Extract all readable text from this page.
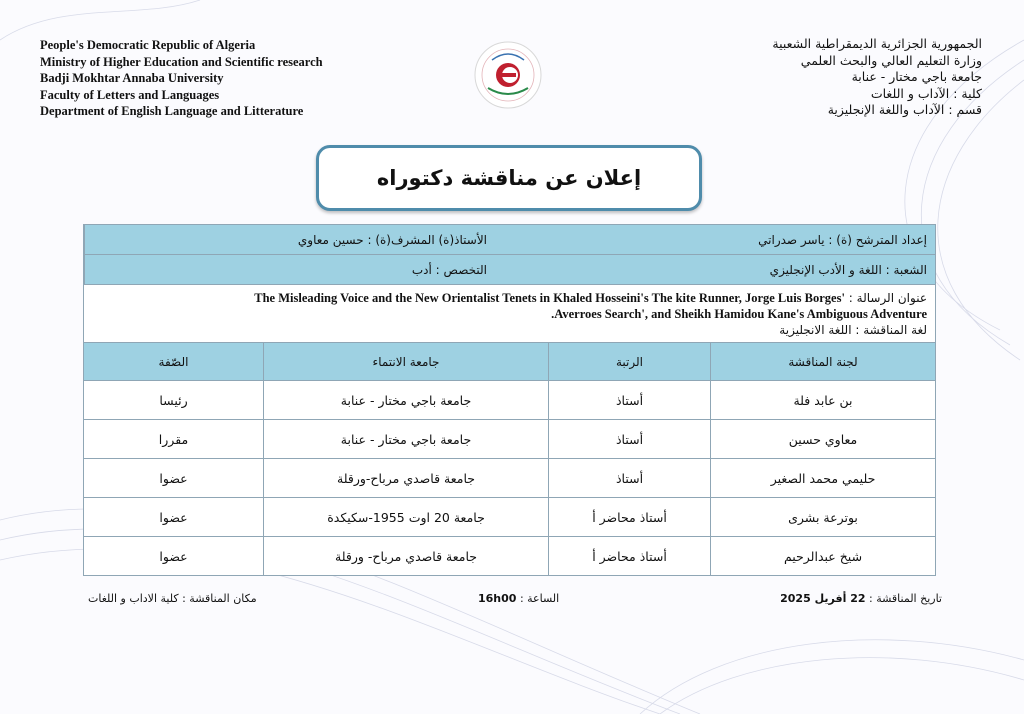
People's Democratic Republic of Algeria
Ministry of Higher Education and Scientific research
Badji Mokhtar Annaba University
Faculty of Letters and Languages
Department of English Language and Litterature
الجمهورية الجزائرية الديمقراطية الشعبية
وزارة التعليم العالي والبحث العلمي
جامعة باجي مختار - عنابة
كلية : الآداب و اللغات
قسم : الآداب واللغة الإنجليزية
إعلان عن مناقشة دكتوراه
إعداد المترشح (ة) : ياسر صدراتي
الأستاذ(ة) المشرف(ة) : حسين معاوي
الشعبة : اللغة و الأدب الإنجليزي
التخصص : أدب
عنوان الرسالة : 'The Misleading Voice and the New Orientalist Tenets in Khaled Hosseini's The kite Runner, Jorge Luis Borges
Averroes Search', and Sheikh Hamidou Kane's Ambiguous Adventure.
لغة المناقشة : اللغة الانجليزية
لجنة المناقشة
الرتبة
جامعة الانتماء
الصّفة
بن عابد فلة
أستاذ
جامعة باجي مختار - عنابة
رئيسا
معاوي حسين
أستاذ
جامعة باجي مختار - عنابة
مقررا
حليمي محمد الصغير
أستاذ
جامعة قاصدي مرباح-ورقلة
عضوا
بوترعة بشرى
أستاذ محاضر أ
جامعة 20 اوت 1955-سكيكدة
عضوا
شيخ عبدالرحيم
أستاذ محاضر أ
جامعة قاصدي مرباح- ورقلة
عضوا
تاريخ المناقشة : 22 أفريل 2025
الساعة : 16h00
مكان المناقشة : كلية الاداب و اللغات
